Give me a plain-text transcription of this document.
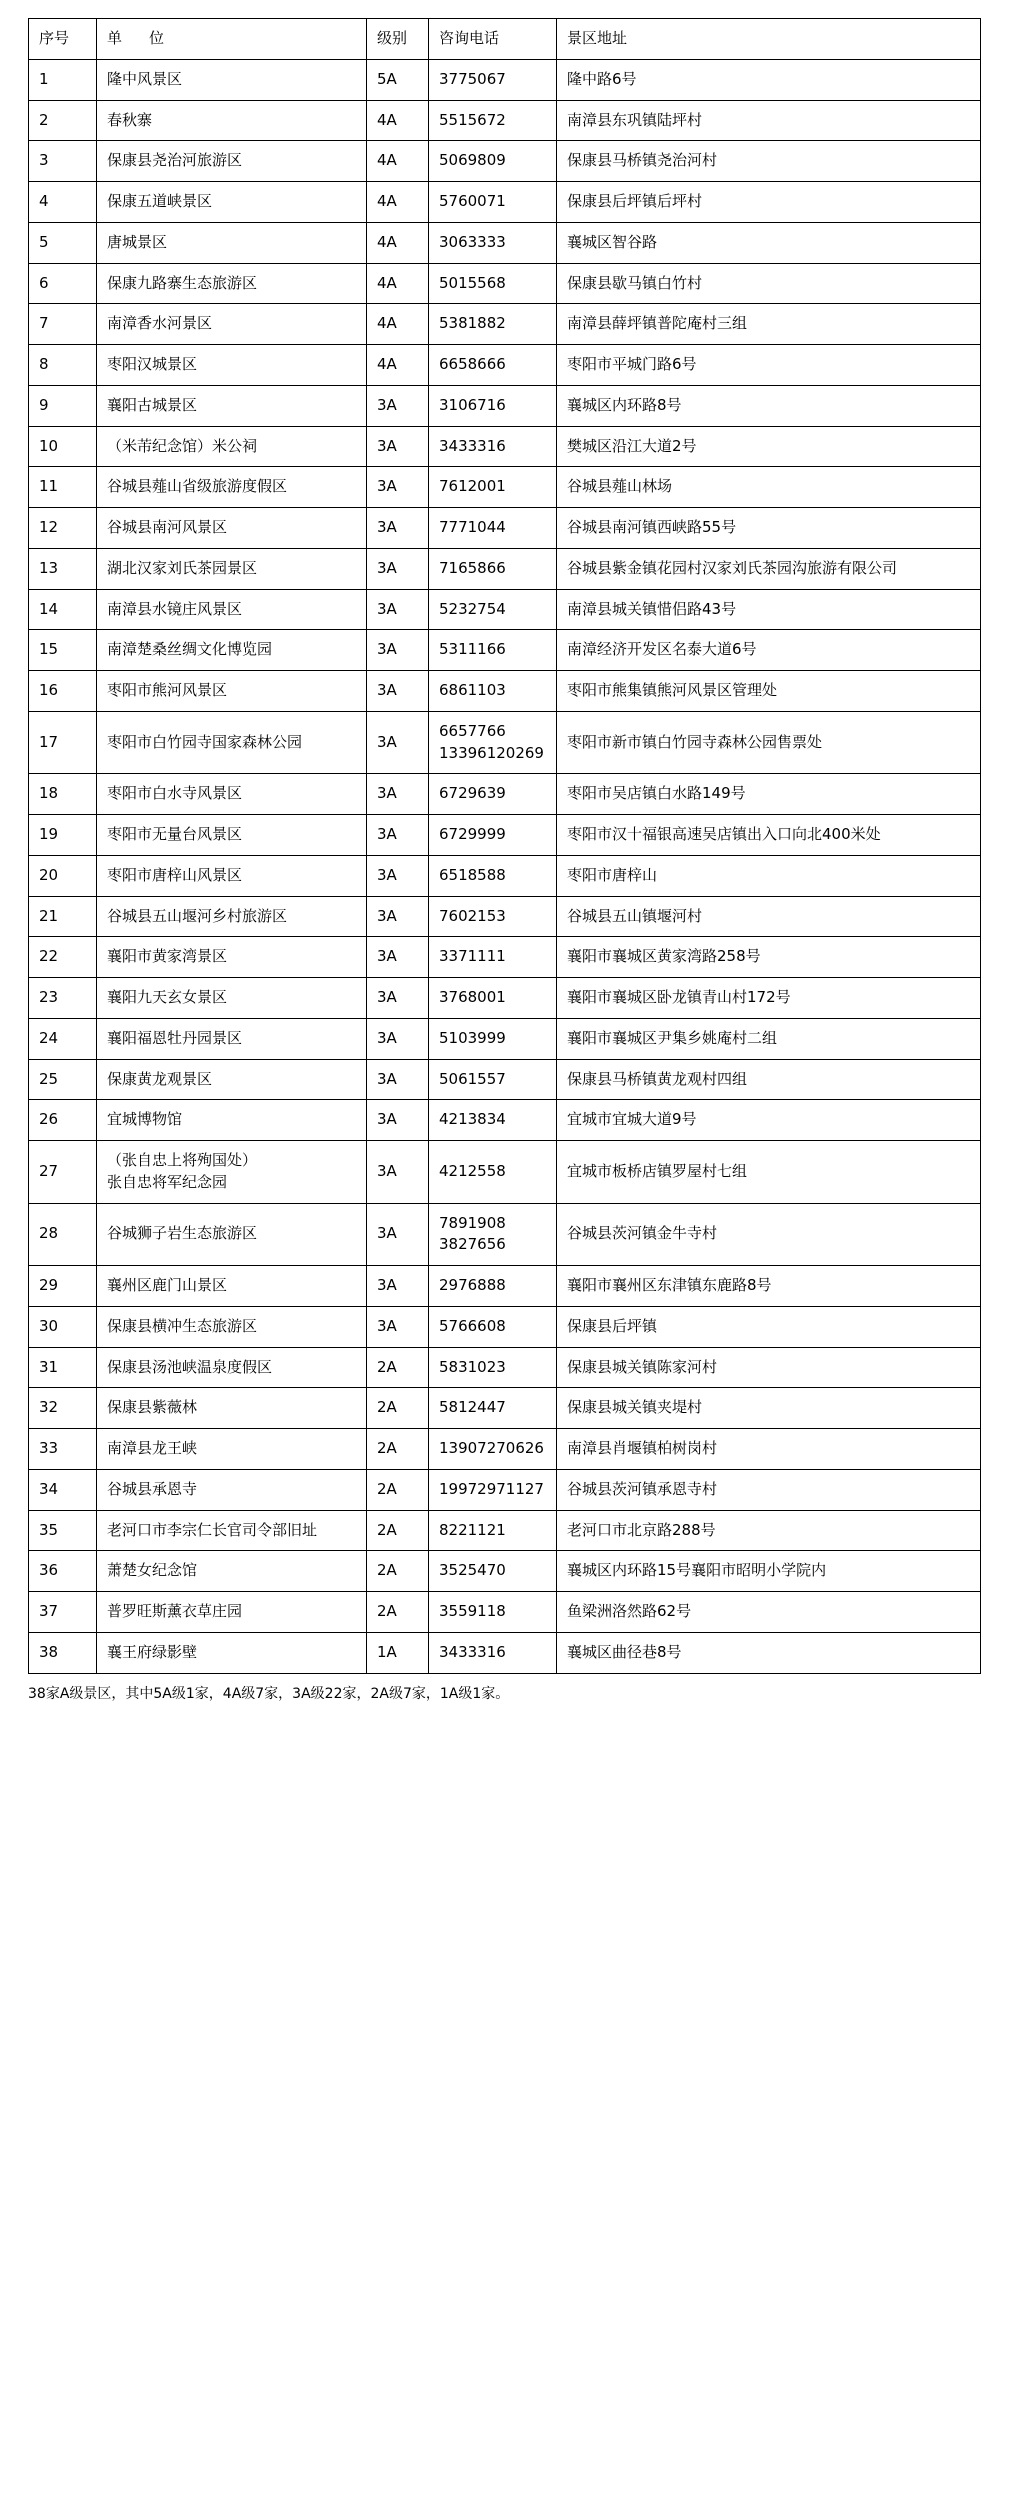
序号	单　位	级别	咨询电话	景区地址
1	隆中风景区	5A	3775067	隆中路6号
2	春秋寨	4A	5515672	南漳县东巩镇陆坪村
3	保康县尧治河旅游区	4A	5069809	保康县马桥镇尧治河村
4	保康五道峡景区	4A	5760071	保康县后坪镇后坪村
5	唐城景区	4A	3063333	襄城区智谷路
6	保康九路寨生态旅游区	4A	5015568	保康县歇马镇白竹村
7	南漳香水河景区	4A	5381882	南漳县薛坪镇普陀庵村三组
8	枣阳汉城景区	4A	6658666	枣阳市平城门路6号
9	襄阳古城景区	3A	3106716	襄城区内环路8号
10	（米芾纪念馆）米公祠	3A	3433316	樊城区沿江大道2号
11	谷城县薤山省级旅游度假区	3A	7612001	谷城县薤山林场
12	谷城县南河风景区	3A	7771044	谷城县南河镇西峡路55号
13	湖北汉家刘氏茶园景区	3A	7165866	谷城县紫金镇花园村汉家刘氏茶园沟旅游有限公司
14	南漳县水镜庄风景区	3A	5232754	南漳县城关镇惜侣路43号
15	南漳楚桑丝绸文化博览园	3A	5311166	南漳经济开发区名泰大道6号
16	枣阳市熊河风景区	3A	6861103	枣阳市熊集镇熊河风景区管理处
17	枣阳市白竹园寺国家森林公园	3A	6657766
13396120269	枣阳市新市镇白竹园寺森林公园售票处
18	枣阳市白水寺风景区	3A	6729639	枣阳市吴店镇白水路149号
19	枣阳市无量台风景区	3A	6729999	枣阳市汉十福银高速吴店镇出入口向北400米处
20	枣阳市唐梓山风景区	3A	6518588	枣阳市唐梓山
21	谷城县五山堰河乡村旅游区	3A	7602153	谷城县五山镇堰河村
22	襄阳市黄家湾景区	3A	3371111	襄阳市襄城区黄家湾路258号
23	襄阳九天玄女景区	3A	3768001	襄阳市襄城区卧龙镇青山村172号
24	襄阳福恩牡丹园景区	3A	5103999	襄阳市襄城区尹集乡姚庵村二组
25	保康黄龙观景区	3A	5061557	保康县马桥镇黄龙观村四组
26	宜城博物馆	3A	4213834	宜城市宜城大道9号
27	（张自忠上将殉国处）
张自忠将军纪念园	3A	4212558	宜城市板桥店镇罗屋村七组
28	谷城狮子岩生态旅游区	3A	7891908
3827656	谷城县茨河镇金牛寺村
29	襄州区鹿门山景区	3A	2976888	襄阳市襄州区东津镇东鹿路8号
30	保康县横冲生态旅游区	3A	5766608	保康县后坪镇
31	保康县汤池峡温泉度假区	2A	5831023	保康县城关镇陈家河村
32	保康县紫薇林	2A	5812447	保康县城关镇夹堤村
33	南漳县龙王峡	2A	13907270626	南漳县肖堰镇柏树岗村
34	谷城县承恩寺	2A	19972971127	谷城县茨河镇承恩寺村
35	老河口市李宗仁长官司令部旧址	2A	8221121	老河口市北京路288号
36	萧楚女纪念馆	2A	3525470	襄城区内环路15号襄阳市昭明小学院内
37	普罗旺斯薰衣草庄园	2A	3559118	鱼梁洲洛然路62号
38	襄王府绿影壁	1A	3433316	襄城区曲径巷8号

38家A级景区，其中5A级1家，4A级7家，3A级22家，2A级7家，1A级1家。
